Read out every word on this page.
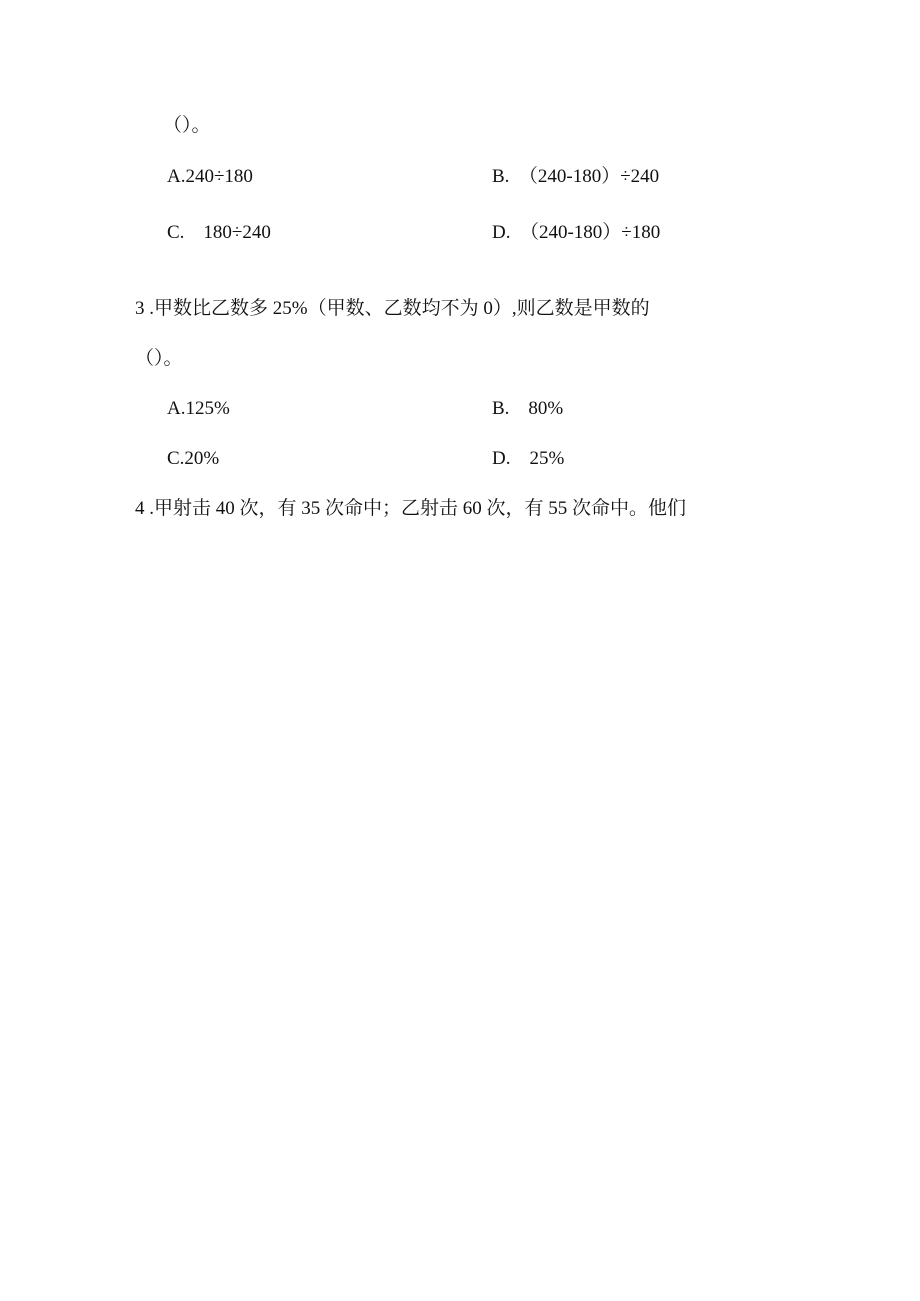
（）。
A.240÷180	B.　（240-180）÷240
C.　180÷240	D.　（240-180）÷180
3 .甲数比乙数多 25%（甲数、乙数均不为 0）,则乙数是甲数的
（）。
A.125%	B.　80%
C.20%	D.　25%
4 .甲射击 40 次，有 35 次命中；乙射击 60 次，有 55 次命中。他们
